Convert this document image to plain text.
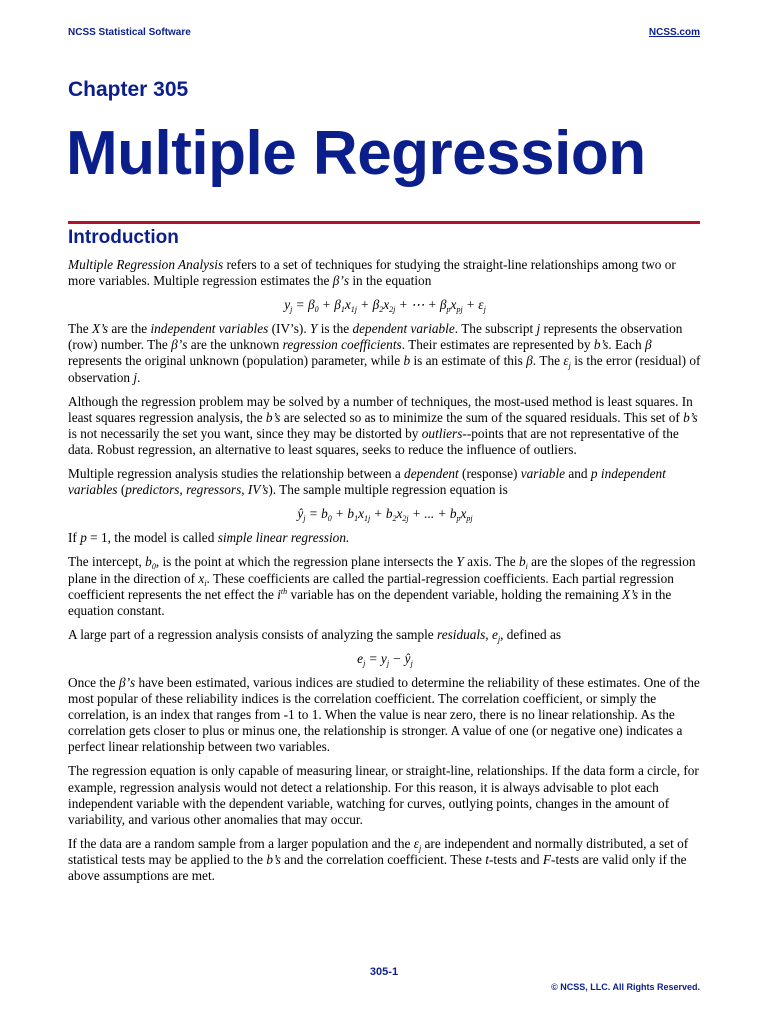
NCSS Statistical Software	NCSS.com
Chapter 305
Multiple Regression
Introduction

Multiple Regression Analysis refers to a set of techniques for studying the straight-line relationships among two or more variables. Multiple regression estimates the β’s in the equation

$y_j = \beta_0 + \beta_1x_{1j} + \beta_2x_{2j}$ + ⋯ + $\beta_px_{pj} + \varepsilon_j$

The X’s are the independent variables (IV’s). Y is the dependent variable. The subscript j represents the observation (row) number. The β’s are the unknown regression coefficients. Their estimates are represented by b’s. Each β represents the original unknown (population) parameter, while b is an estimate of this β. The $\varepsilon_j$ is the error (residual) of observation j.

Although the regression problem may be solved by a number of techniques, the most-used method is least squares. In least squares regression analysis, the b’s are selected so as to minimize the sum of the squared residuals. This set of b’s is not necessarily the set you want, since they may be distorted by outliers--points that are not representative of the data. Robust regression, an alternative to least squares, seeks to reduce the influence of outliers.

Multiple regression analysis studies the relationship between a dependent (response) variable and p independent variables (predictors, regressors, IV’s). The sample multiple regression equation is

$ŷ_j = b_0 + b_1x_{1j} + b_2x_{2j}$ + ... + $b_px_{pj}$

If p = 1, the model is called simple linear regression.

The intercept, $b_0$, is the point at which the regression plane intersects the Y axis. The $b_i$ are the slopes of the regression plane in the direction of $x_i$. These coefficients are called the partial-regression coefficients. Each partial regression coefficient represents the net effect the $i^{th}$ variable has on the dependent variable, holding the remaining X’s in the equation constant.

A large part of a regression analysis consists of analyzing the sample residuals, $e_j$, defined as

$e_j = y_j$ − $ŷ_j$

Once the β’s have been estimated, various indices are studied to determine the reliability of these estimates. One of the most popular of these reliability indices is the correlation coefficient. The correlation coefficient, or simply the correlation, is an index that ranges from -1 to 1. When the value is near zero, there is no linear relationship. As the correlation gets closer to plus or minus one, the relationship is stronger. A value of one (or negative one) indicates a perfect linear relationship between two variables.

The regression equation is only capable of measuring linear, or straight-line, relationships. If the data form a circle, for example, regression analysis would not detect a relationship. For this reason, it is always advisable to plot each independent variable with the dependent variable, watching for curves, outlying points, changes in the amount of variability, and various other anomalies that may occur.

If the data are a random sample from a larger population and the $\varepsilon_j$ are independent and normally distributed, a set of statistical tests may be applied to the b’s and the correlation coefficient. These t-tests and F-tests are valid only if the above assumptions are met.

305-1
© NCSS, LLC. All Rights Reserved.
